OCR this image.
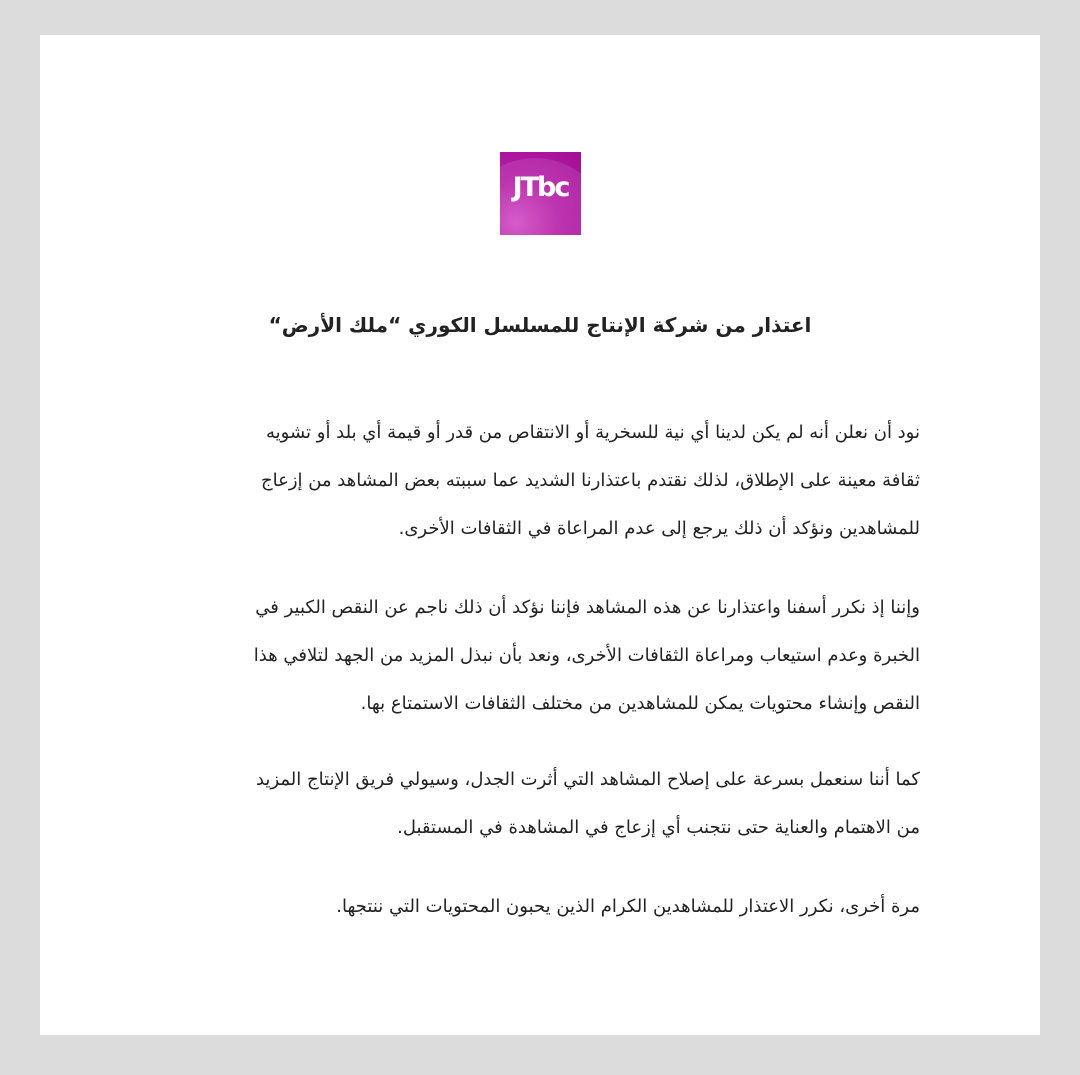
JTbc
اعتذار من شركة الإنتاج للمسلسل الكوري “ملك الأرض“

نود أن نعلن أنه لم يكن لدينا أي نية للسخرية أو الانتقاص من قدر أو قيمة أي بلد أو تشويه
ثقافة معينة على الإطلاق، لذلك نقتدم باعتذارنا الشديد عما سببته بعض المشاهد من إزعاج
للمشاهدين ونؤكد أن ذلك يرجع إلى عدم المراعاة في الثقافات الأخرى.

وإننا إذ نكرر أسفنا واعتذارنا عن هذه المشاهد فإننا نؤكد أن ذلك ناجم عن النقص الكبير في
الخبرة وعدم استيعاب ومراعاة الثقافات الأخرى، ونعد بأن نبذل المزيد من الجهد لتلافي هذا
النقص وإنشاء محتويات يمكن للمشاهدين من مختلف الثقافات الاستمتاع بها.

كما أننا سنعمل بسرعة على إصلاح المشاهد التي أثرت الجدل، وسيولي فريق الإنتاج المزيد
من الاهتمام والعناية حتى نتجنب أي إزعاج في المشاهدة في المستقبل.

مرة أخرى، نكرر الاعتذار للمشاهدين الكرام الذين يحبون المحتويات التي ننتجها.
